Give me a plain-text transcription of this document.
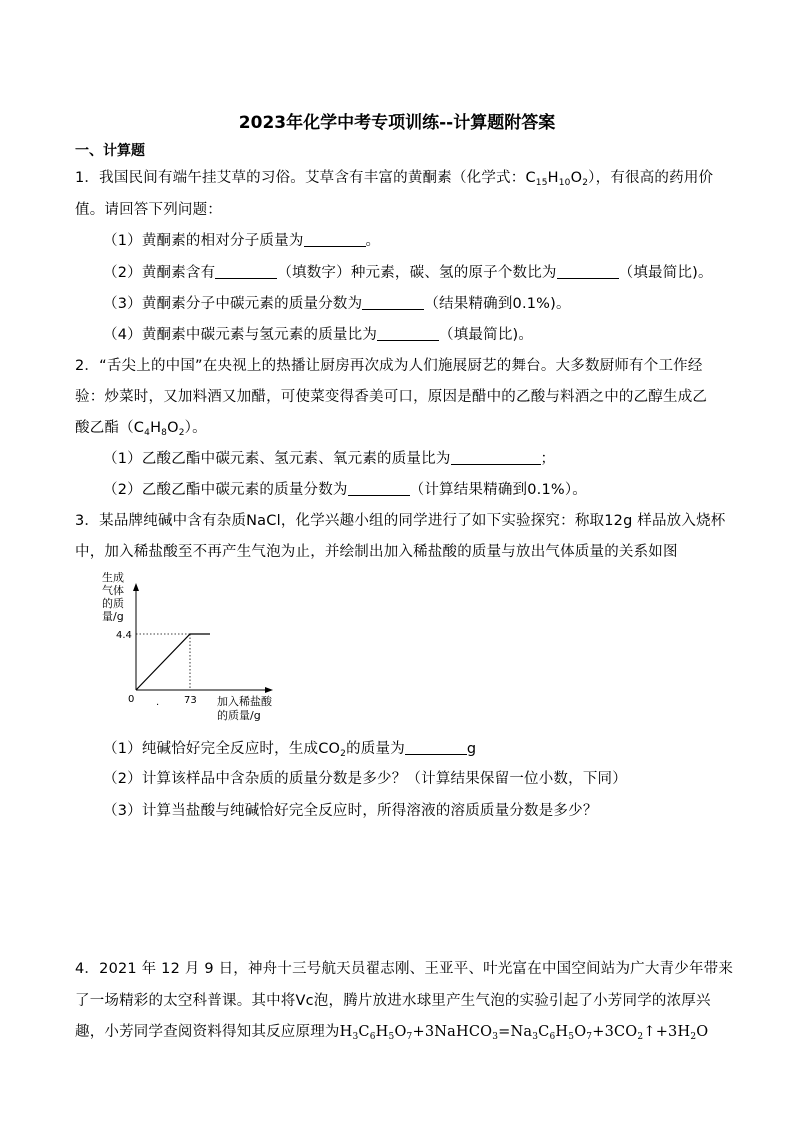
2023年化学中考专项训练--计算题附答案
一、计算题
1．我国民间有端午挂艾草的习俗。艾草含有丰富的黄酮素（化学式：$C_{15}H_{10}O_2$），有很高的药用价
值。请回答下列问题：
（1）黄酮素的相对分子质量为	。
（2）黄酮素含有	（填数字）种元素，碳、氢的原子个数比为	（填最简比)。
（3）黄酮素分子中碳元素的质量分数为	（结果精确到0.1%)。
（4）黄酮素中碳元素与氢元素的质量比为	（填最简比)。
2．“舌尖上的中国”在央视上的热播让厨房再次成为人们施展厨艺的舞台。大多数厨师有个工作经
验：炒菜时，又加料酒又加醋，可使菜变得香美可口，原因是醋中的乙酸与料酒之中的乙醇生成乙
酸乙酯$(C_4H_8O_2)$。
（1）乙酸乙酯中碳元素、氢元素、氧元素的质量比为	；
（2）乙酸乙酯中碳元素的质量分数为	（计算结果精确到0.1%）。
3．某品牌纯碱中含有杂质NaCl，化学兴趣小组的同学进行了如下实验探究：称取12g 样品放入烧杯
中，加入稀盐酸至不再产生气泡为止，并绘制出加入稀盐酸的质量与放出气体质量的关系如图
生成
气体
的质
量/g
4.4
0 . 73 加入稀盐酸
的质量/g
（1）纯碱恰好完全反应时，生成$CO_2$的质量为	g
（2）计算该样品中含杂质的质量分数是多少？（计算结果保留一位小数，下同）
（3）计算当盐酸与纯碱恰好完全反应时，所得溶液的溶质质量分数是多少？
4．2021 年 12 月 9 日，神舟十三号航天员翟志刚、王亚平、叶光富在中国空间站为广大青少年带来
了一场精彩的太空科普课。其中将Vc泡，腾片放进水球里产生气泡的实验引起了小芳同学的浓厚兴
趣，小芳同学查阅资料得知其反应原理为$H_3C_6H_5O_7+3NaHCO_3=Na_3C_6H_5O_7+3CO_2↑+3H_2O$
